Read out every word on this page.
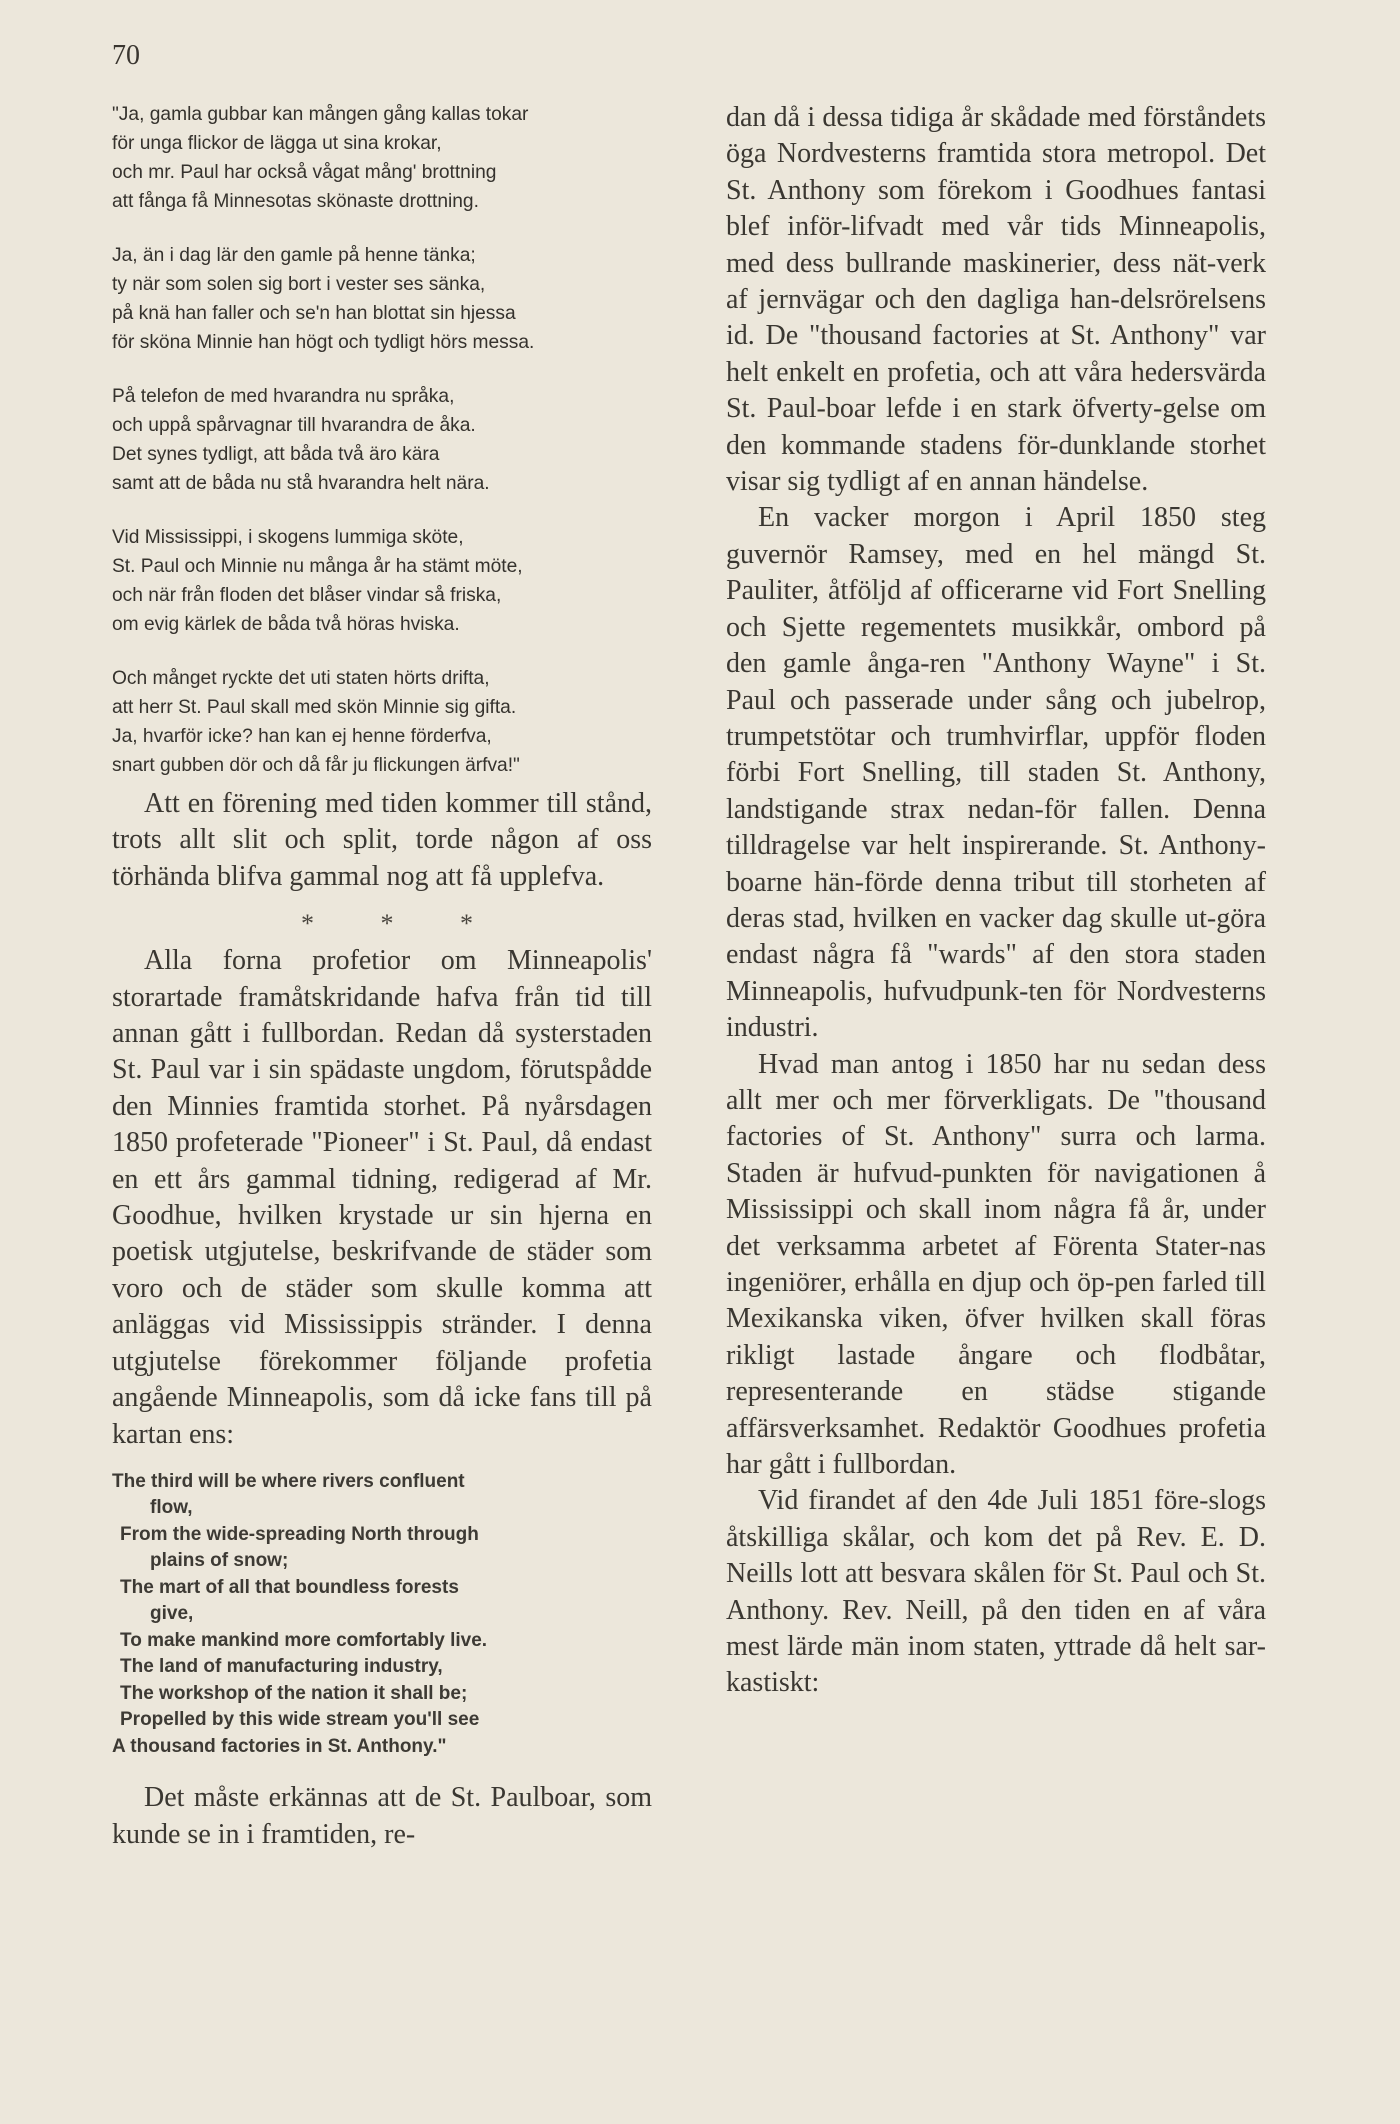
70
"Ja, gamla gubbar kan mången gång kallas tokar
för unga flickor de lägga ut sina krokar,
och mr. Paul har också vågat mång' brottning
att fånga få Minnesotas skönaste drottning.
Ja, än i dag lär den gamle på henne tänka;
ty när som solen sig bort i vester ses sänka,
på knä han faller och se'n han blottat sin hjessa
för sköna Minnie han högt och tydligt hörs messa.
På telefon de med hvarandra nu språka,
och uppå spårvagnar till hvarandra de åka.
Det synes tydligt, att båda två äro kära
samt att de båda nu stå hvarandra helt nära.
Vid Mississippi, i skogens lummiga sköte,
St. Paul och Minnie nu många år ha stämt möte,
och när från floden det blåser vindar så friska,
om evig kärlek de båda två höras hviska.
Och månget ryckte det uti staten hörts drifta,
att herr St. Paul skall med skön Minnie sig gifta.
Ja, hvarför icke? han kan ej henne förderfva,
snart gubben dör och då får ju flickungen ärfva!"

Att en förening med tiden kommer till stånd, trots allt slit och split, torde någon af oss törhända blifva gammal nog att få upplefva.

* * *

Alla forna profetior om Minneapolis' storartade framåtskridande hafva från tid till annan gått i fullbordan. Redan då systerstaden St. Paul var i sin spädaste ungdom, förutspådde den Minnies framtida storhet. På nyårsdagen 1850 profeterade "Pioneer" i St. Paul, då endast en ett års gammal tidning, redigerad af Mr. Goodhue, hvilken krystade ur sin hjerna en poetisk utgjutelse, beskrifvande de städer som voro och de städer som skulle komma att anläggas vid Mississippis stränder. I denna utgjutelse förekommer följande profetia angående Minneapolis, som då icke fans till på kartan ens:

The third will be where rivers confluent
flow,
From the wide-spreading North through
plains of snow;
The mart of all that boundless forests
give,
To make mankind more comfortably live.
The land of manufacturing industry,
The workshop of the nation it shall be;
Propelled by this wide stream you'll see
A thousand factories in St. Anthony."

Det måste erkännas att de St. Paulboar, som kunde se in i framtiden, re-

dan då i dessa tidiga år skådade med förståndets öga Nordvesterns framtida stora metropol. Det St. Anthony som förekom i Goodhues fantasi blef inför-lifvadt med vår tids Minneapolis, med dess bullrande maskinerier, dess nät-verk af jernvägar och den dagliga han-delsrörelsens id. De "thousand factories at St. Anthony" var helt enkelt en profetia, och att våra hedersvärda St. Paul-boar lefde i en stark öfverty-gelse om den kommande stadens för-dunklande storhet visar sig tydligt af en annan händelse.

En vacker morgon i April 1850 steg guvernör Ramsey, med en hel mängd St. Pauliter, åtföljd af officerarne vid Fort Snelling och Sjette regementets musikkår, ombord på den gamle ånga-ren "Anthony Wayne" i St. Paul och passerade under sång och jubelrop, trumpetstötar och trumhvirflar, uppför floden förbi Fort Snelling, till staden St. Anthony, landstigande strax nedan-för fallen. Denna tilldragelse var helt inspirerande. St. Anthony-boarne hän-förde denna tribut till storheten af deras stad, hvilken en vacker dag skulle ut-göra endast några få "wards" af den stora staden Minneapolis, hufvudpunk-ten för Nordvesterns industri.

Hvad man antog i 1850 har nu sedan dess allt mer och mer förverkligats. De "thousand factories of St. Anthony" surra och larma. Staden är hufvud-punkten för navigationen å Mississippi och skall inom några få år, under det verksamma arbetet af Förenta Stater-nas ingeniörer, erhålla en djup och öp-pen farled till Mexikanska viken, öfver hvilken skall föras rikligt lastade ångare och flodbåtar, representerande en städse stigande affärsverksamhet. Redaktör Goodhues profetia har gått i fullbordan.

Vid firandet af den 4de Juli 1851 före-slogs åtskilliga skålar, och kom det på Rev. E. D. Neills lott att besvara skålen för St. Paul och St. Anthony. Rev. Neill, på den tiden en af våra mest lärde män inom staten, yttrade då helt sar-kastiskt:
